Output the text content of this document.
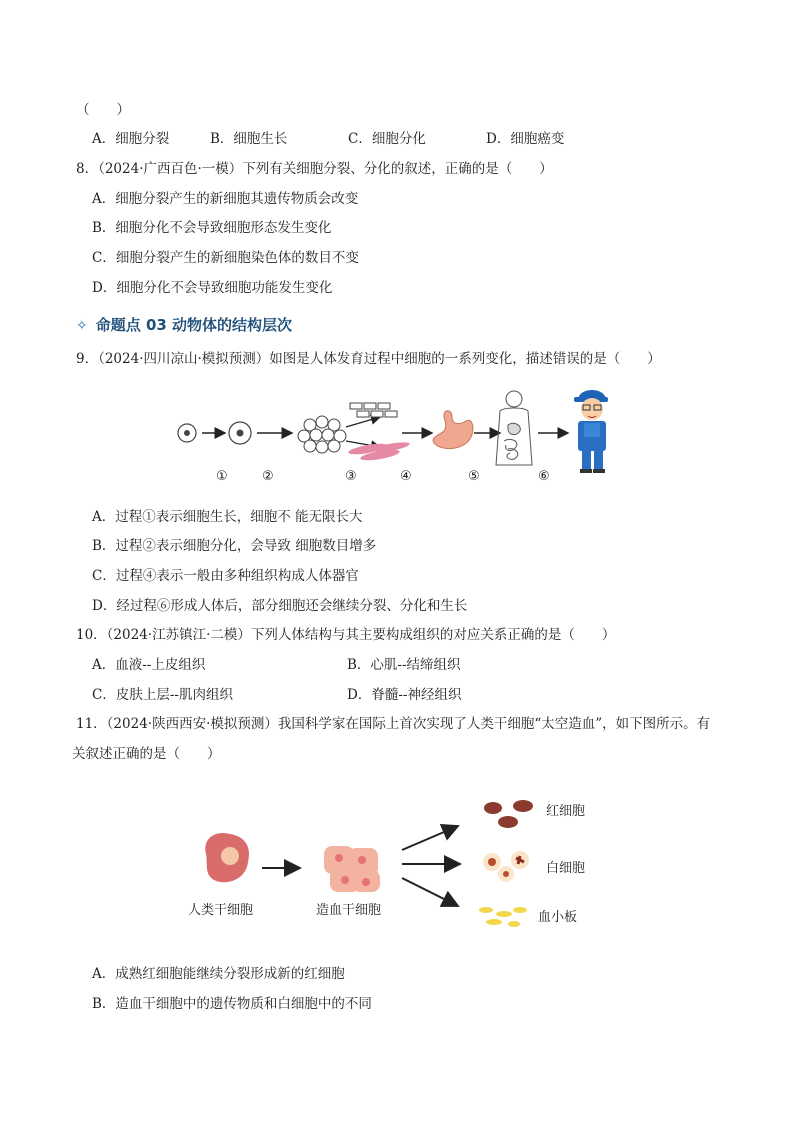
（　　）
A．细胞分裂	B．细胞生长	C．细胞分化	D．细胞癌变
8．（2024·广西百色·一模）下列有关细胞分裂、分化的叙述，正确的是（　　）
A．细胞分裂产生的新细胞其遗传物质会改变
B．细胞分化不会导致细胞形态发生变化
C．细胞分裂产生的新细胞染色体的数目不变
D．细胞分化不会导致细胞功能发生变化
✧ 命题点 03 动物体的结构层次
9．（2024·四川凉山·模拟预测）如图是人体发育过程中细胞的一系列变化，描述错误的是（　　）
①	②	③	④	⑤	⑥
A．过程①表示细胞生长，细胞不 能无限长大
B．过程②表示细胞分化，会导致 细胞数目增多
C．过程④表示一般由多种组织构成人体器官
D．经过程⑥形成人体后，部分细胞还会继续分裂、分化和生长
10．（2024·江苏镇江·二模）下列人体结构与其主要构成组织的对应关系正确的是（　　）
A．血液--上皮组织	B．心肌--结缔组织
C．皮肤上层--肌肉组织	D．脊髓--神经组织
11．（2024·陕西西安·模拟预测）我国科学家在国际上首次实现了人类干细胞“太空造血”，如下图所示。有
关叙述正确的是（　　）
人类干细胞	造血干细胞
红细胞
白细胞
血小板
A．成熟红细胞能继续分裂形成新的红细胞
B．造血干细胞中的遗传物质和白细胞中的不同
